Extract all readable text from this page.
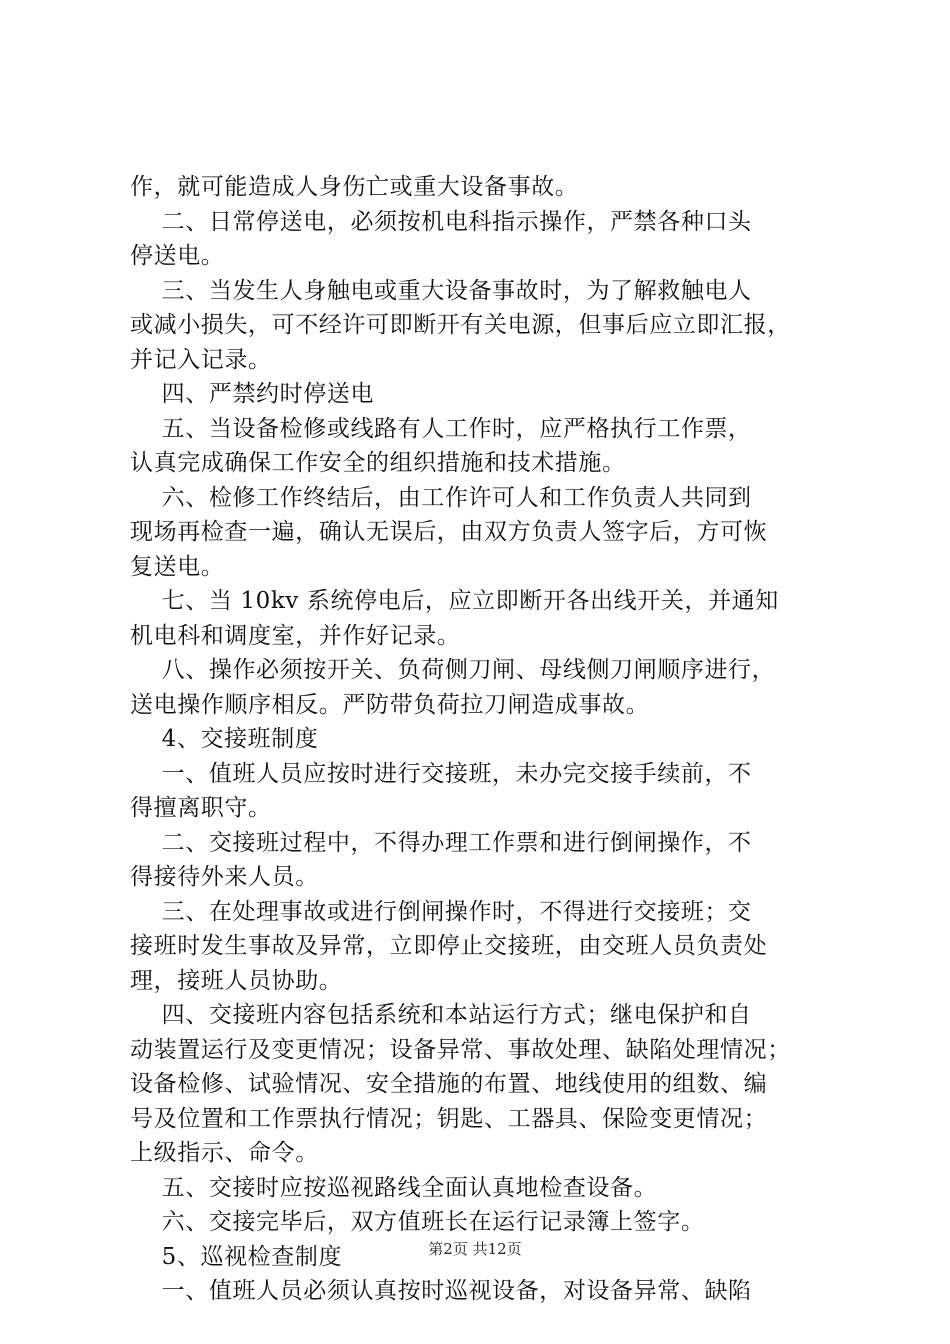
作，就可能造成人身伤亡或重大设备事故。
二、日常停送电，必须按机电科指示操作，严禁各种口头
停送电。
三、当发生人身触电或重大设备事故时，为了解救触电人
或减小损失，可不经许可即断开有关电源，但事后应立即汇报，
并记入记录。
四、严禁约时停送电
五、当设备检修或线路有人工作时，应严格执行工作票，
认真完成确保工作安全的组织措施和技术措施。
六、检修工作终结后，由工作许可人和工作负责人共同到
现场再检查一遍，确认无误后，由双方负责人签字后，方可恢
复送电。
七、当 10kv 系统停电后，应立即断开各出线开关，并通知
机电科和调度室，并作好记录。
八、操作必须按开关、负荷侧刀闸、母线侧刀闸顺序进行，
送电操作顺序相反。严防带负荷拉刀闸造成事故。
4、交接班制度
一、值班人员应按时进行交接班，未办完交接手续前，不
得擅离职守。
二、交接班过程中，不得办理工作票和进行倒闸操作，不
得接待外来人员。
三、在处理事故或进行倒闸操作时，不得进行交接班；交
接班时发生事故及异常，立即停止交接班，由交班人员负责处
理，接班人员协助。
四、交接班内容包括系统和本站运行方式；继电保护和自
动装置运行及变更情况；设备异常、事故处理、缺陷处理情况；
设备检修、试验情况、安全措施的布置、地线使用的组数、编
号及位置和工作票执行情况；钥匙、工器具、保险变更情况；
上级指示、命令。
五、交接时应按巡视路线全面认真地检查设备。
六、交接完毕后，双方值班长在运行记录簿上签字。
5、巡视检查制度
一、值班人员必须认真按时巡视设备，对设备异常、缺陷
第2页 共12页
